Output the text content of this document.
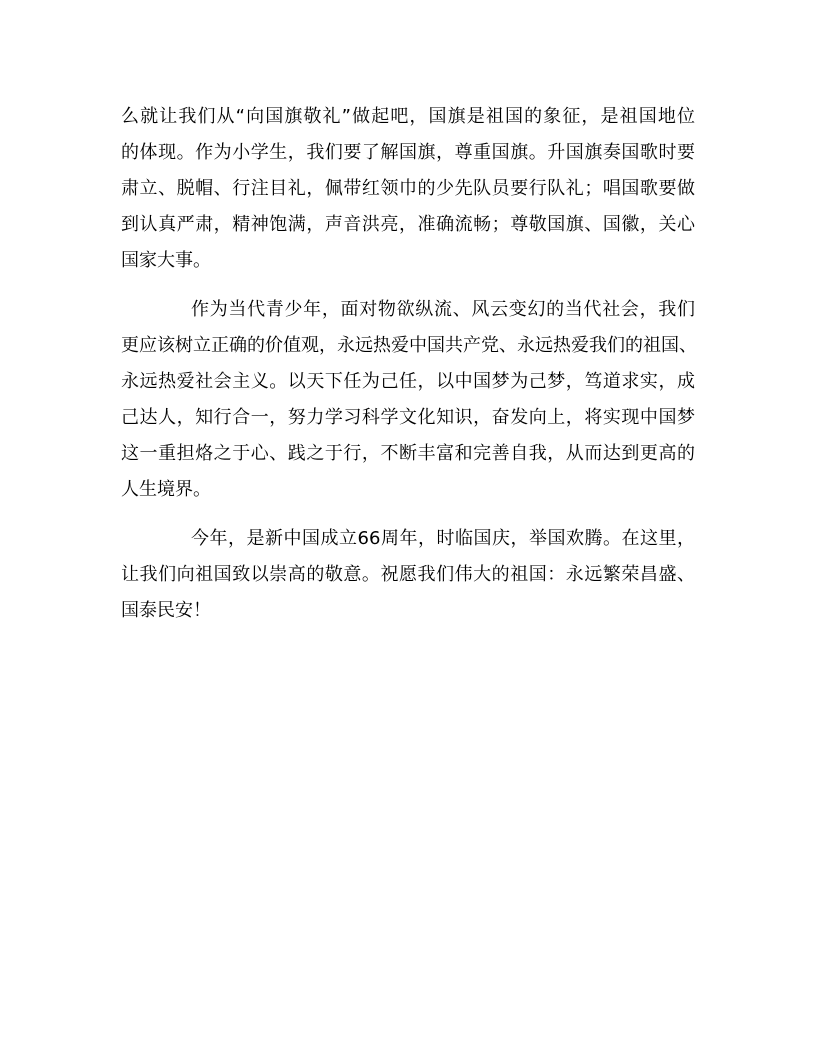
么就让我们从“向国旗敬礼”做起吧，国旗是祖国的象征，是祖国地位
的体现。作为小学生，我们要了解国旗，尊重国旗。升国旗奏国歌时要
肃立、脱帽、行注目礼，佩带红领巾的少先队员要行队礼；唱国歌要做
到认真严肃，精神饱满，声音洪亮，准确流畅；尊敬国旗、国徽，关心
国家大事。
作为当代青少年，面对物欲纵流、风云变幻的当代社会，我们
更应该树立正确的价值观，永远热爱中国共产党、永远热爱我们的祖国、
永远热爱社会主义。以天下任为己任，以中国梦为己梦，笃道求实，成
己达人，知行合一，努力学习科学文化知识，奋发向上，将实现中国梦
这一重担烙之于心、践之于行，不断丰富和完善自我，从而达到更高的
人生境界。
今年，是新中国成立66周年，时临国庆，举国欢腾。在这里，
让我们向祖国致以崇高的敬意。祝愿我们伟大的祖国：永远繁荣昌盛、
国泰民安！
